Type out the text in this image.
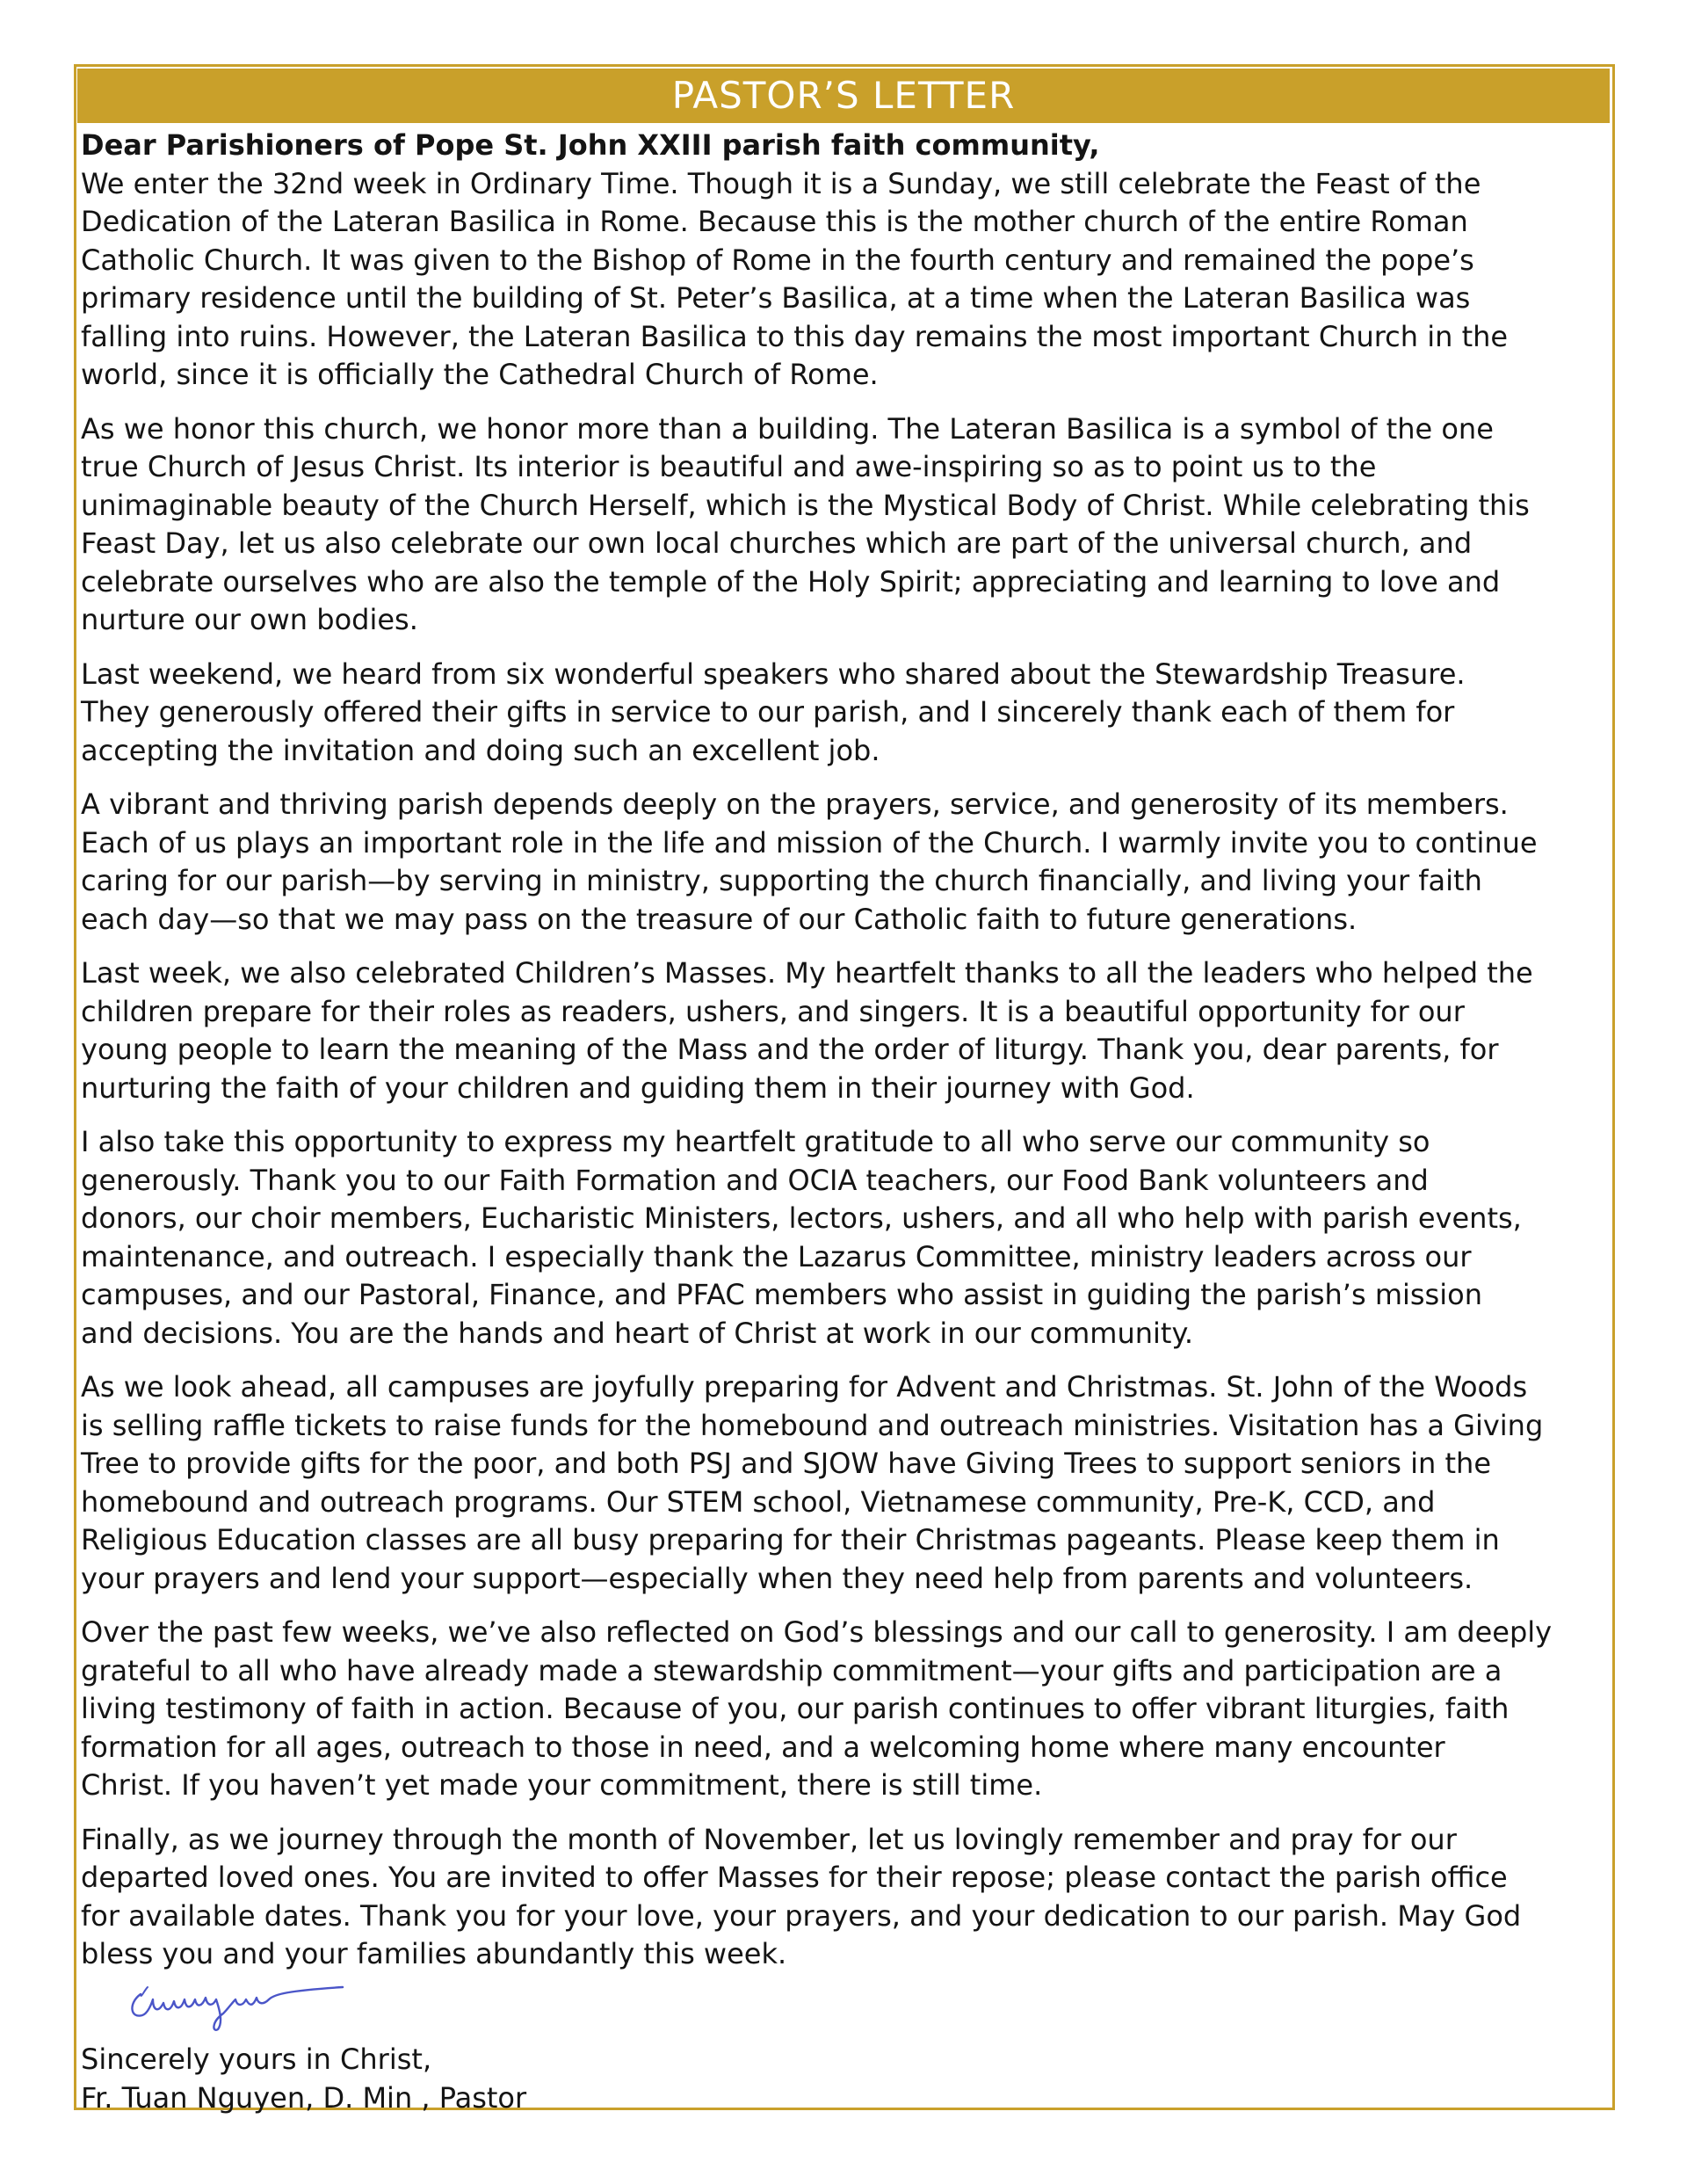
PASTOR’S LETTER

Dear Parishioners of Pope St. John XXIII parish faith community,

We enter the 32nd week in Ordinary Time. Though it is a Sunday, we still celebrate the Feast of the
Dedication of the Lateran Basilica in Rome. Because this is the mother church of the entire Roman
Catholic Church. It was given to the Bishop of Rome in the fourth century and remained the pope’s
primary residence until the building of St. Peter’s Basilica, at a time when the Lateran Basilica was
falling into ruins. However, the Lateran Basilica to this day remains the most important Church in the
world, since it is officially the Cathedral Church of Rome.

As we honor this church, we honor more than a building. The Lateran Basilica is a symbol of the one
true Church of Jesus Christ. Its interior is beautiful and awe-inspiring so as to point us to the
unimaginable beauty of the Church Herself, which is the Mystical Body of Christ. While celebrating this
Feast Day, let us also celebrate our own local churches which are part of the universal church, and
celebrate ourselves who are also the temple of the Holy Spirit; appreciating and learning to love and
nurture our own bodies.

Last weekend, we heard from six wonderful speakers who shared about the Stewardship Treasure.
They generously offered their gifts in service to our parish, and I sincerely thank each of them for
accepting the invitation and doing such an excellent job.

A vibrant and thriving parish depends deeply on the prayers, service, and generosity of its members.
Each of us plays an important role in the life and mission of the Church. I warmly invite you to continue
caring for our parish—by serving in ministry, supporting the church financially, and living your faith
each day—so that we may pass on the treasure of our Catholic faith to future generations.

Last week, we also celebrated Children’s Masses. My heartfelt thanks to all the leaders who helped the
children prepare for their roles as readers, ushers, and singers. It is a beautiful opportunity for our
young people to learn the meaning of the Mass and the order of liturgy. Thank you, dear parents, for
nurturing the faith of your children and guiding them in their journey with God.

I also take this opportunity to express my heartfelt gratitude to all who serve our community so
generously. Thank you to our Faith Formation and OCIA teachers, our Food Bank volunteers and
donors, our choir members, Eucharistic Ministers, lectors, ushers, and all who help with parish events,
maintenance, and outreach. I especially thank the Lazarus Committee, ministry leaders across our
campuses, and our Pastoral, Finance, and PFAC members who assist in guiding the parish’s mission
and decisions. You are the hands and heart of Christ at work in our community.

As we look ahead, all campuses are joyfully preparing for Advent and Christmas. St. John of the Woods
is selling raffle tickets to raise funds for the homebound and outreach ministries. Visitation has a Giving
Tree to provide gifts for the poor, and both PSJ and SJOW have Giving Trees to support seniors in the
homebound and outreach programs. Our STEM school, Vietnamese community, Pre-K, CCD, and
Religious Education classes are all busy preparing for their Christmas pageants. Please keep them in
your prayers and lend your support—especially when they need help from parents and volunteers.

Over the past few weeks, we’ve also reflected on God’s blessings and our call to generosity. I am deeply
grateful to all who have already made a stewardship commitment—your gifts and participation are a
living testimony of faith in action. Because of you, our parish continues to offer vibrant liturgies, faith
formation for all ages, outreach to those in need, and a welcoming home where many encounter
Christ. If you haven’t yet made your commitment, there is still time.

Finally, as we journey through the month of November, let us lovingly remember and pray for our
departed loved ones. You are invited to offer Masses for their repose; please contact the parish office
for available dates. Thank you for your love, your prayers, and your dedication to our parish. May God
bless you and your families abundantly this week.

Sincerely yours in Christ,

Fr. Tuan Nguyen, D. Min , Pastor
